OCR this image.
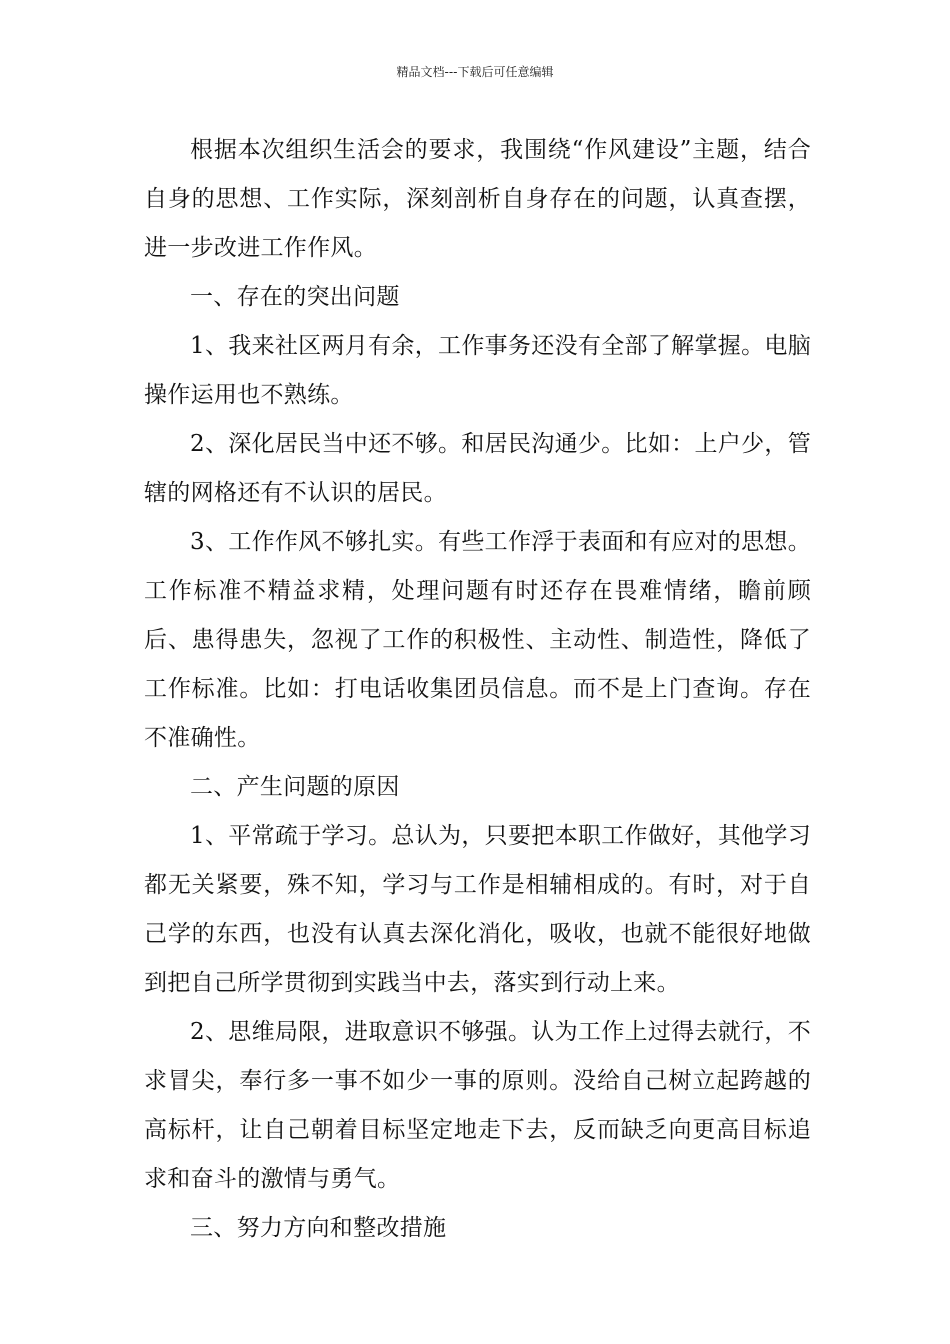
精品文档---下载后可任意编辑

根据本次组织生活会的要求，我围绕“作风建设”主题，结合自身的思想、工作实际，深刻剖析自身存在的问题，认真查摆，进一步改进工作作风。

一、存在的突出问题

1、我来社区两月有余，工作事务还没有全部了解掌握。电脑操作运用也不熟练。

2、深化居民当中还不够。和居民沟通少。比如：上户少，管辖的网格还有不认识的居民。

3、工作作风不够扎实。有些工作浮于表面和有应对的思想。工作标准不精益求精，处理问题有时还存在畏难情绪，瞻前顾后、患得患失，忽视了工作的积极性、主动性、制造性，降低了工作标准。比如：打电话收集团员信息。而不是上门查询。存在不准确性。

二、产生问题的原因

1、平常疏于学习。总认为，只要把本职工作做好，其他学习都无关紧要，殊不知，学习与工作是相辅相成的。有时，对于自己学的东西，也没有认真去深化消化，吸收，也就不能很好地做到把自己所学贯彻到实践当中去，落实到行动上来。

2、思维局限，进取意识不够强。认为工作上过得去就行，不求冒尖，奉行多一事不如少一事的原则。没给自己树立起跨越的高标杆，让自己朝着目标坚定地走下去，反而缺乏向更高目标追求和奋斗的激情与勇气。

三、努力方向和整改措施
